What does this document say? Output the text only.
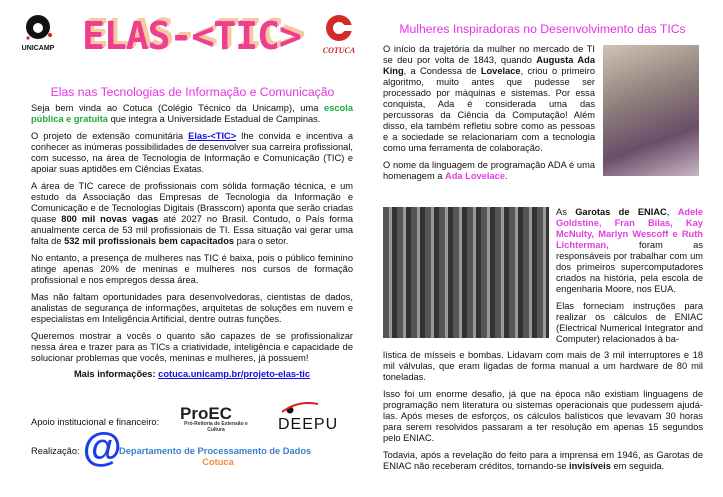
UNICAMP ELAS-<TIC>	COTUCA
Elas nas Tecnologias de Informação e Comunicação

Seja bem vinda ao Cotuca (Colégio Técnico da Unicamp), uma escola pública e gratuita que integra a Universidade Estadual de Campinas.

O projeto de extensão comunitária Elas-<TIC> lhe convida e incentiva a conhecer as inúmeras possibilidades de desenvolver sua carreira profissional, com sucesso, na área de Tecnologia de Informação e Comunicação (TIC) e apoiar suas aptidões em Ciências Exatas.

A área de TIC carece de profissionais com sólida formação técnica, e um estudo da Associação das Empresas de Tecnologia da Informação e Comunicação e de Tecnologias Digitais (Brasscom) aponta que serão criadas quase 800 mil novas vagas até 2027 no Brasil. Contudo, o País forma anualmente cerca de 53 mil profissionais de TI. Essa situação vai gerar uma falta de 532 mil profissionais bem capacitados para o setor.

No entanto, a presença de mulheres nas TIC é baixa, pois o público feminino atinge apenas 20% de meninas e mulheres nos cursos de formação profissional e nos empregos dessa área.

Mas não faltam oportunidades para desenvolvedoras, cientistas de dados, analistas de segurança de informações, arquitetas de soluções em nuvem e especialistas em Inteligência Artificial, dentre outras funções.

Queremos mostrar a vocês o quanto são capazes de se profissionalizar nessa área e trazer para as TICs a criatividade, inteligência e capacidade de solucionar problemas que vocês, meninas e mulheres, já possuem!

Mais informações: cotuca.unicamp.br/projeto-elas-tic
Apoio institucional e financeiro: ProEC
Pró-Reitoria de Extensão e Cultura	DEEPU
Realização: @
Departamento de Processamento de Dados
Cotuca
Mulheres Inspiradoras no Desenvolvimento das TICs

O início da trajetória da mulher no mercado de TI se deu por volta de 1843, quando Augusta Ada King, a Condessa de Lovelace, criou o primeiro algoritmo, muito antes que pudesse ser processado por máquinas e sistemas. Por essa conquista, Ada é considerada uma das percussoras da Ciência da Computação! Além disso, ela também refletiu sobre como as pessoas e a sociedade se relacionariam com a tecnologia como uma ferramenta de colaboração.

O nome da linguagem de programação ADA é uma homenagem a Ada Lovelace.

As Garotas de ENIAC, Adele Goldstine, Fran Bilas, Kay McNulty, Marlyn Wescoff e Ruth Lichterman, foram as responsáveis por trabalhar com um dos primeiros supercomputadores criados na história, pela escola de engenharia Moore, nos EUA.

Elas forneciam instruções para realizar os cálculos de ENIAC (Electrical Numerical Integrator and Computer) relacionados à ba-

lística de mísseis e bombas. Lidavam com mais de 3 mil interruptores e 18 mil válvulas, que eram ligadas de forma manual a um hardware de 80 mil toneladas.

Isso foi um enorme desafio, já que na época não existiam linguagens de programação nem literatura ou sistemas operacionais que pudessem ajudá-las. Após meses de esforços, os cálculos balísticos que levavam 30 horas para serem resolvidos passaram a ter resolução em apenas 15 segundos pelo ENIAC.

Todavia, após a revelação do feito para a imprensa em 1946, as Garotas de ENIAC não receberam créditos, tornando-se invisíveis em seguida.
